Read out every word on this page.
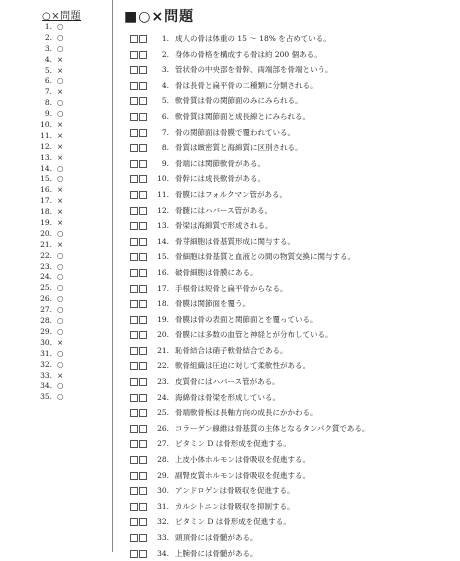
○×問題
1. ○
2. ○
3. ○
4. ×
5. ×
6. ○
7. ×
8. ○
9. ○
10. ×
11. ×
12. ×
13. ×
14. ○
15. ○
16. ×
17. ×
18. ×
19. ×
20. ○
21. ×
22. ○
23. ○
24. ○
25. ○
26. ○
27. ○
28. ○
29. ○
30. ×
31. ○
32. ○
33. ×
34. ○
35. ○
■○×問題
1. 成人の骨は体重の 15 ～ 18% を占めている。
2. 身体の骨格を構成する骨は約 200 個ある。
3. 管状骨の中央部を骨幹、両端部を骨端という。
4. 骨は長骨と扁平骨の二種類に分類される。
5. 軟骨質は骨の関節面のみにみられる。
6. 軟骨質は関節面と成長線とにみられる。
7. 骨の関節面は骨膜で覆われている。
8. 骨質は緻密質と海綿質に区別される。
9. 骨端には関節軟骨がある。
10. 骨幹には成長軟骨がある。
11. 骨膜にはフォルクマン管がある。
12. 骨髄にはハバース管がある。
13. 骨梁は海綿質で形成される。
14. 骨芽細胞は骨基質形成に関与する。
15. 骨細胞は骨基質と血液との間の物質交換に関与する。
16. 破骨細胞は骨膜にある。
17. 手根骨は短骨と扁平骨からなる。
18. 骨膜は関節面を覆う。
19. 骨膜は骨の表面と関節面とを覆っている。
20. 骨膜には多数の血管と神経とが分布している。
21. 恥骨結合は硝子軟骨結合である。
22. 軟骨組織は圧迫に対して柔軟性がある。
23. 皮質骨にはハバース管がある。
24. 海綿骨は骨梁を形成している。
25. 骨端軟骨板は長軸方向の成長にかかわる。
26. コラーゲン線維は骨基質の主体となるタンパク質である。
27. ビタミン D は骨形成を促進する。
28. 上皮小体ホルモンは骨吸収を促進する。
29. 副腎皮質ホルモンは骨吸収を促進する。
30. アンドロゲンは骨吸収を促進する。
31. カルシトニンは骨吸収を抑制する。
32. ビタミン D は骨形成を促進する。
33. 頭頂骨には骨髄がある。
34. 上腕骨には骨髄がある。
